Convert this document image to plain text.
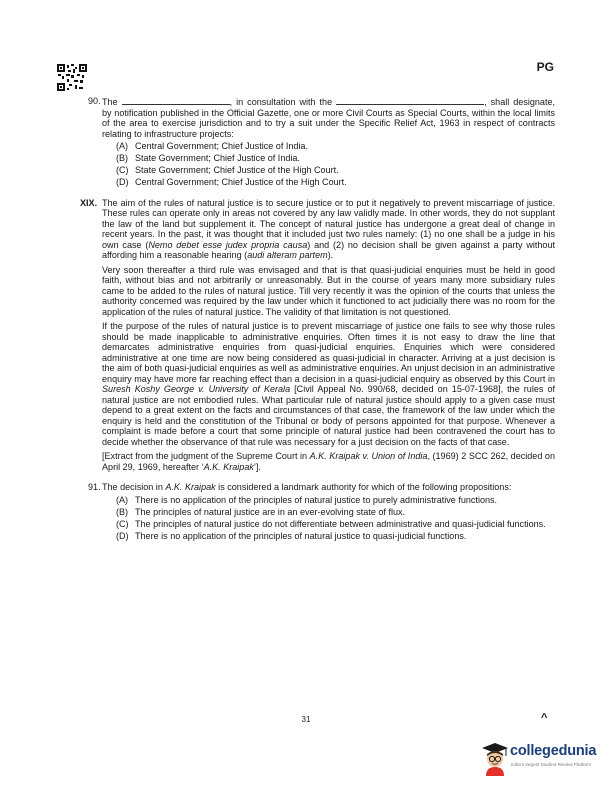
PG
90. The	, in consultation with the	, shall designate, by notification published in the Official Gazette, one or more Civil Courts as Special Courts, within the local limits of the area to exercise jurisdiction and to try a suit under the Specific Relief Act, 1963 in respect of contracts relating to infrastructure projects:
(A) Central Government; Chief Justice of India.
(B) State Government; Chief Justice of India.
(C) State Government; Chief Justice of the High Court.
(D) Central Government; Chief Justice of the High Court.
XIX. The aim of the rules of natural justice is to secure justice or to put it negatively to prevent miscarriage of justice. These rules can operate only in areas not covered by any law validly made. In other words, they do not supplant the law of the land but supplement it. The concept of natural justice has undergone a great deal of change in recent years. In the past, it was thought that it included just two rules namely: (1) no one shall be a judge in his own case (Nemo debet esse judex propria causa) and (2) no decision shall be given against a party without affording him a reasonable hearing (audi alteram partem).

Very soon thereafter a third rule was envisaged and that is that quasi-judicial enquiries must be held in good faith, without bias and not arbitrarily or unreasonably. But in the course of years many more subsidiary rules came to be added to the rules of natural justice. Till very recently it was the opinion of the courts that unless the authority concerned was required by the law under which it functioned to act judicially there was no room for the application of the rules of natural justice. The validity of that limitation is not questioned.

If the purpose of the rules of natural justice is to prevent miscarriage of justice one fails to see why those rules should be made inapplicable to administrative enquiries. Often times it is not easy to draw the line that demarcates administrative enquiries from quasi-judicial enquiries. Enquiries which were considered administrative at one time are now being considered as quasi-judicial in character. Arriving at a just decision is the aim of both quasi-judicial enquiries as well as administrative enquiries. An unjust decision in an administrative enquiry may have more far reaching effect than a decision in a quasi-judicial enquiry as observed by this Court in Suresh Koshy George v. University of Kerala [Civil Appeal No. 990/68, decided on 15-07-1968], the rules of natural justice are not embodied rules. What particular rule of natural justice should apply to a given case must depend to a great extent on the facts and circumstances of that case, the framework of the law under which the enquiry is held and the constitution of the Tribunal or body of persons appointed for that purpose. Whenever a complaint is made before a court that some principle of natural justice had been contravened the court has to decide whether the observance of that rule was necessary for a just decision on the facts of that case.

[Extract from the judgment of the Supreme Court in A.K. Kraipak v. Union of India, (1969) 2 SCC 262, decided on April 29, 1969, hereafter ‘A.K. Kraipak’].

91. The decision in A.K. Kraipak is considered a landmark authority for which of the following propositions:
(A) There is no application of the principles of natural justice to purely administrative functions.
(B) The principles of natural justice are in an ever-evolving state of flux.
(C) The principles of natural justice do not differentiate between administrative and quasi-judicial functions.
(D) There is no application of the principles of natural justice to quasi-judicial functions.
31	^
collegedunia
India's largest Student Review Platform
